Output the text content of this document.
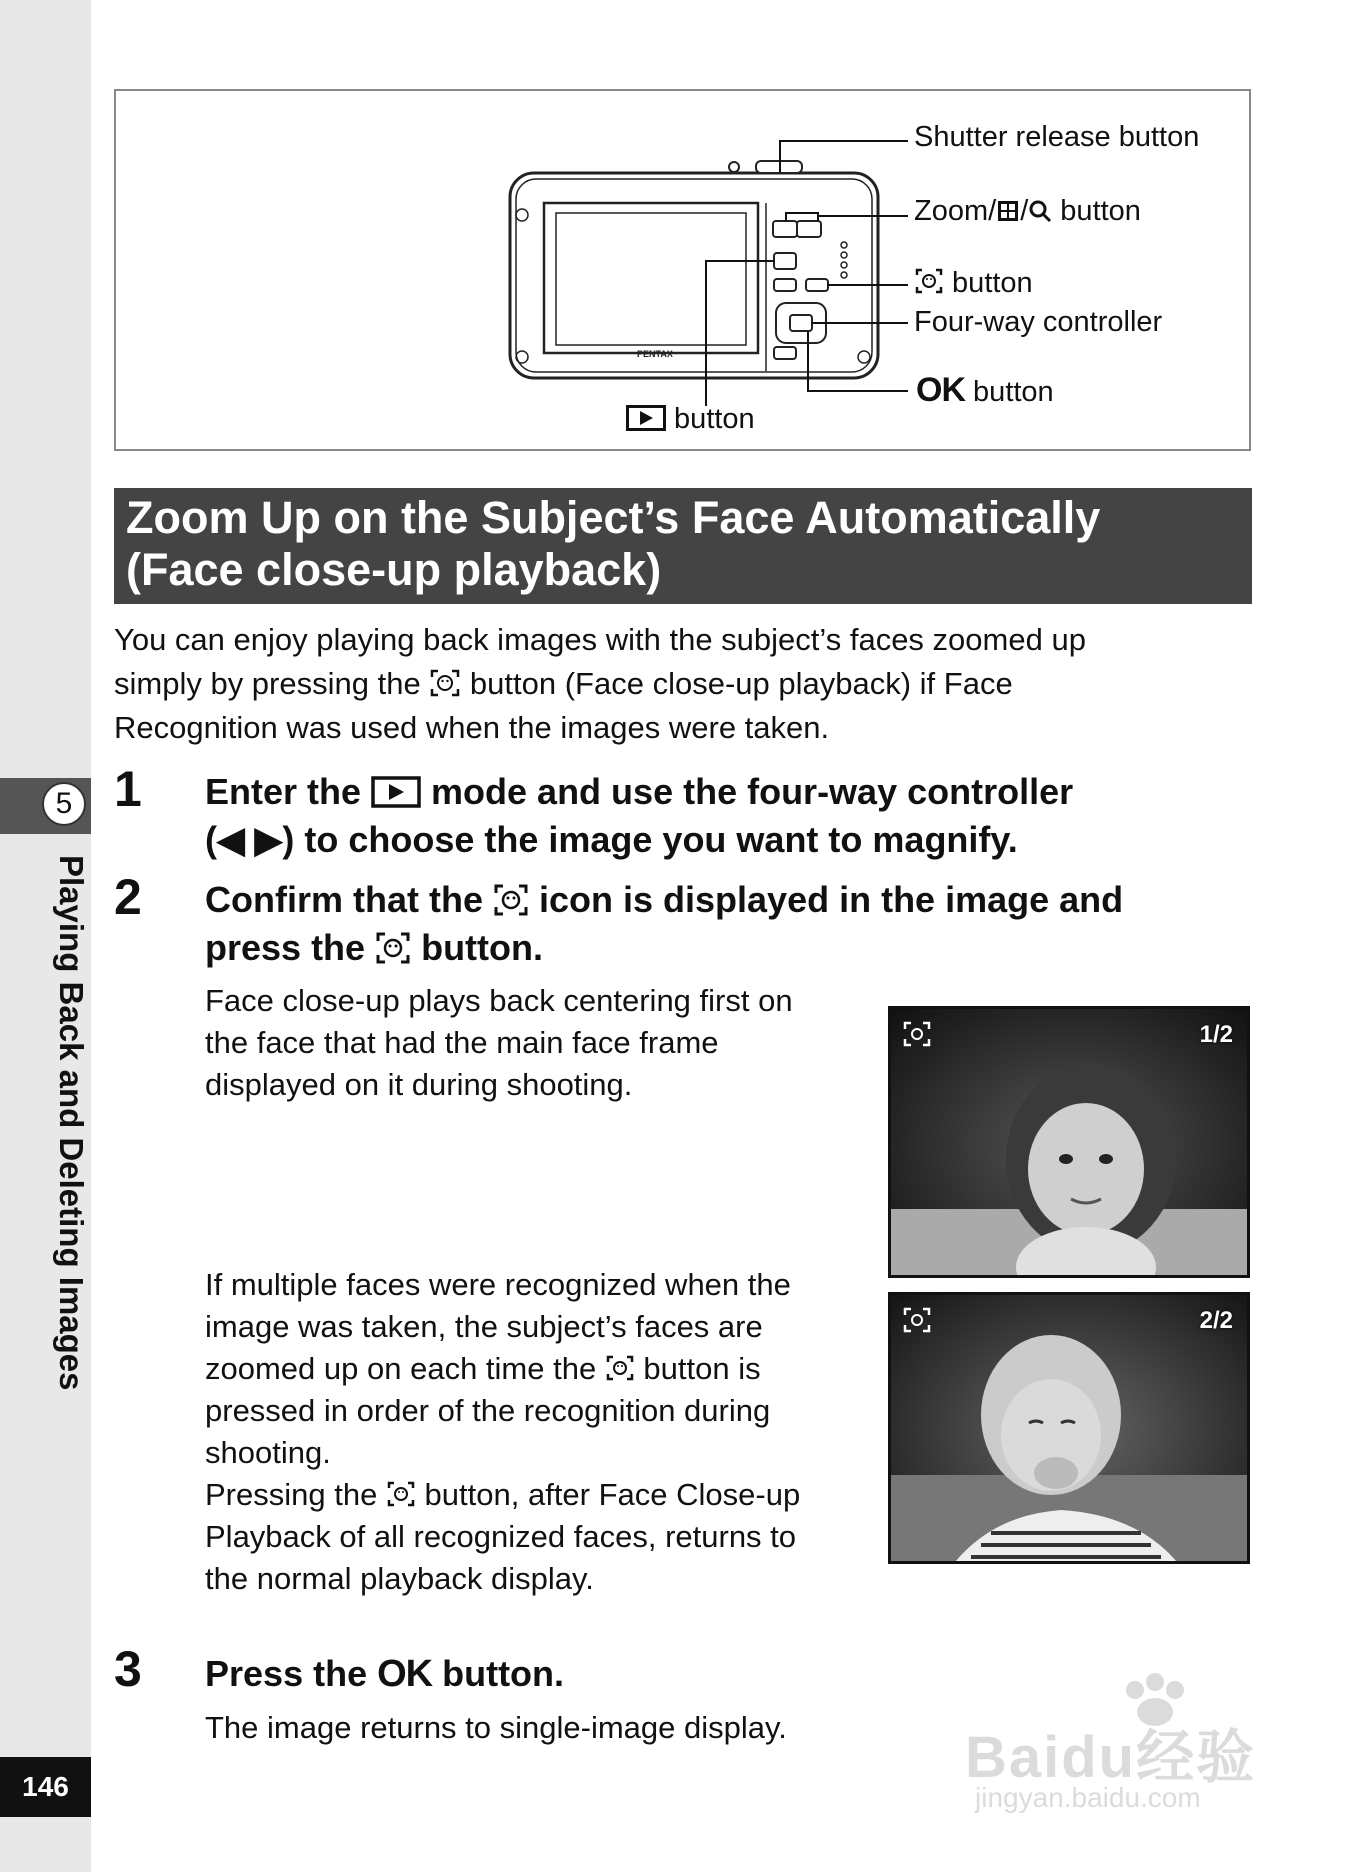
5
Playing Back and Deleting Images
146
PENTAX
Shutter release button
Zoom/ / button
button
Four-way controller
OK button
button
Zoom Up on the Subject’s Face Automatically
(Face close-up playback)
You can enjoy playing back images with the subject’s faces zoomed up
simply by pressing the  button (Face close-up playback) if Face
Recognition was used when the images were taken.
1 Enter the  mode and use the four-way controller
(◀ ▶) to choose the image you want to magnify.
2 Confirm that the  icon is displayed in the image and
press the  button.
Face close-up plays back centering first on
the face that had the main face frame
displayed on it during shooting.
If multiple faces were recognized when the
image was taken, the subject’s faces are
zoomed up on each time the  button is
pressed in order of the recognition during
shooting.
Pressing the  button, after Face Close-up
Playback of all recognized faces, returns to
the normal playback display.
1/2
2/2
3 Press the OK button.
The image returns to single-image display.	Baidu经验
jingyan.baidu.com
